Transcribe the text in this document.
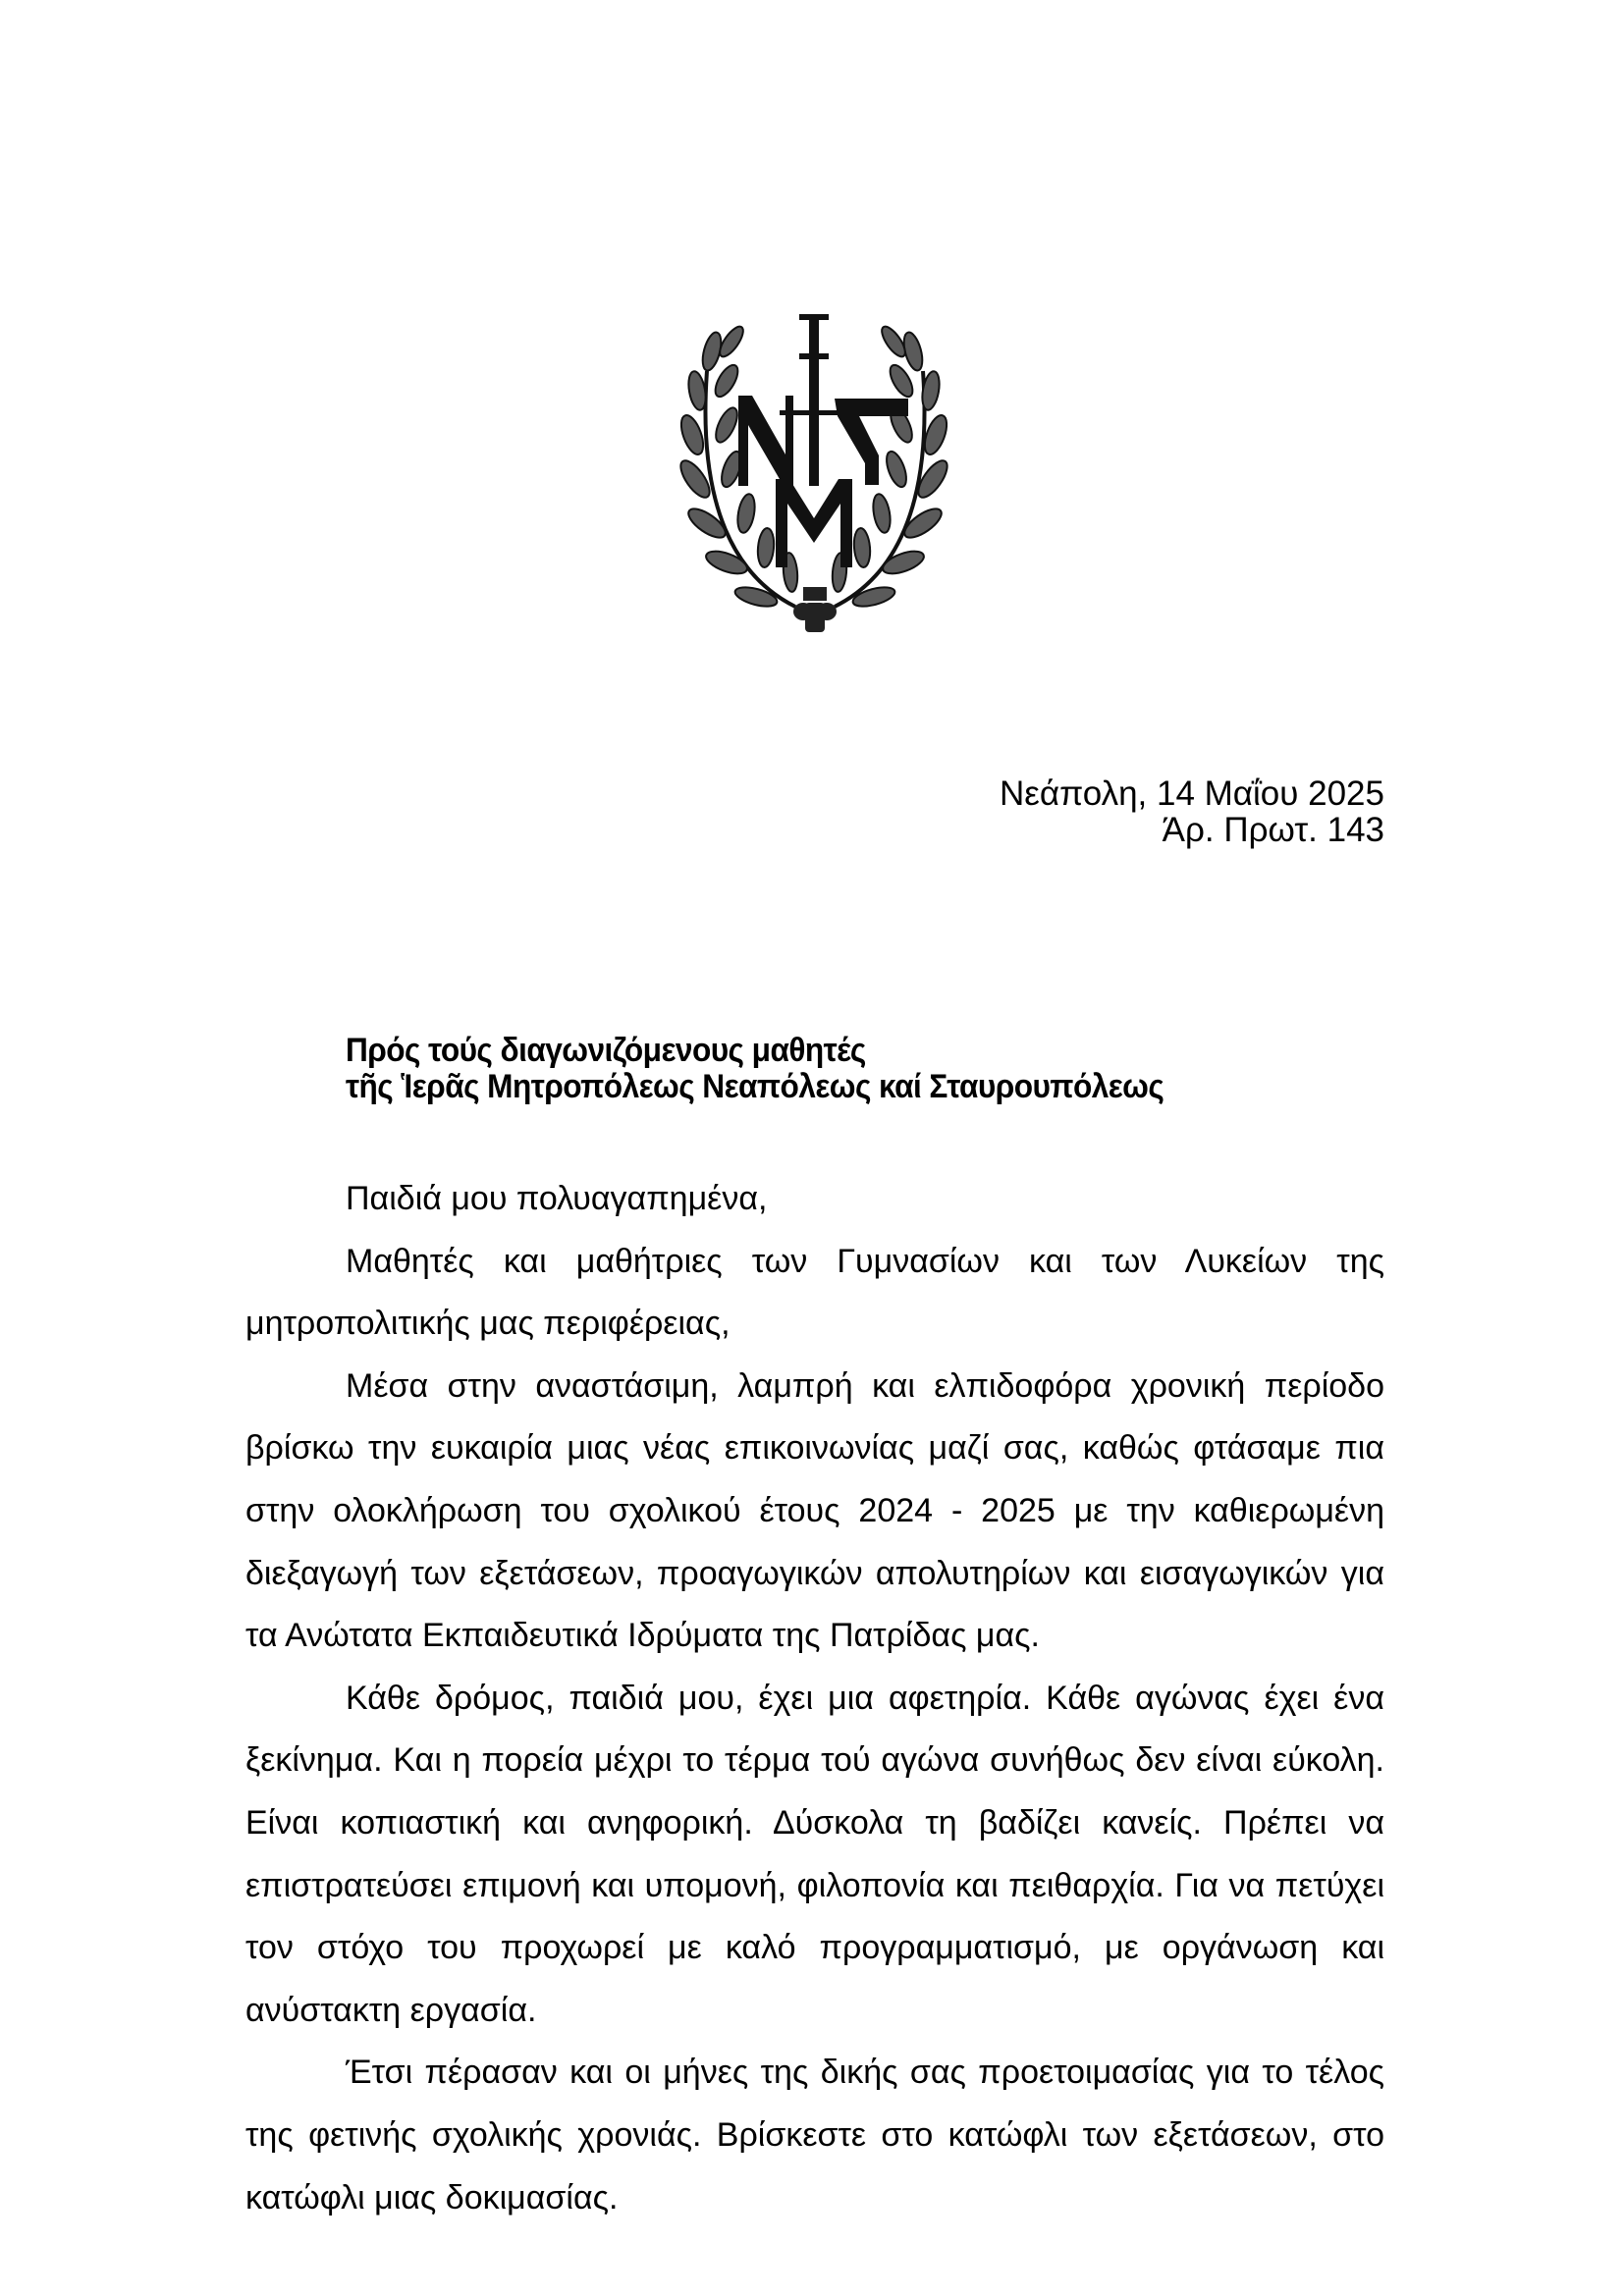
Νεάπολη, 14 Μαΐου 2025
Άρ. Πρωτ. 143
Πρός τούς διαγωνιζόμενους μαθητές
τῆς Ἱερᾶς Μητροπόλεως Νεαπόλεως καί Σταυρουπόλεως

Παιδιά μου πολυαγαπημένα,

Μαθητές και μαθήτριες των Γυμνασίων και των Λυκείων της μητροπολιτικής μας περιφέρειας,

Μέσα στην αναστάσιμη, λαμπρή και ελπιδοφόρα χρονική περίοδο βρίσκω την ευκαιρία μιας νέας επικοινωνίας μαζί σας, καθώς φτάσαμε πια στην ολοκλήρωση του σχολικού έτους 2024 - 2025 με την καθιερωμένη διεξαγωγή των εξετάσεων, προαγωγικών απολυτηρίων και εισαγωγικών για τα Ανώτατα Εκπαιδευτικά Ιδρύματα της Πατρίδας μας.

Κάθε δρόμος, παιδιά μου, έχει μια αφετηρία. Κάθε αγώνας έχει ένα ξεκίνημα. Και η πορεία μέχρι το τέρμα τού αγώνα συνήθως δεν είναι εύκολη. Είναι κοπιαστική και ανηφορική. Δύσκολα τη βαδίζει κανείς. Πρέπει να επιστρατεύσει επιμονή και υπομονή, φιλοπονία και πειθαρχία. Για να πετύχει τον στόχο του προχωρεί με καλό προγραμματισμό, με οργάνωση και ανύστακτη εργασία.

Έτσι πέρασαν και οι μήνες της δικής σας προετοιμασίας για το τέλος της φετινής σχολικής χρονιάς. Βρίσκεστε στο κατώφλι των εξετάσεων, στο κατώφλι μιας δοκιμασίας.
